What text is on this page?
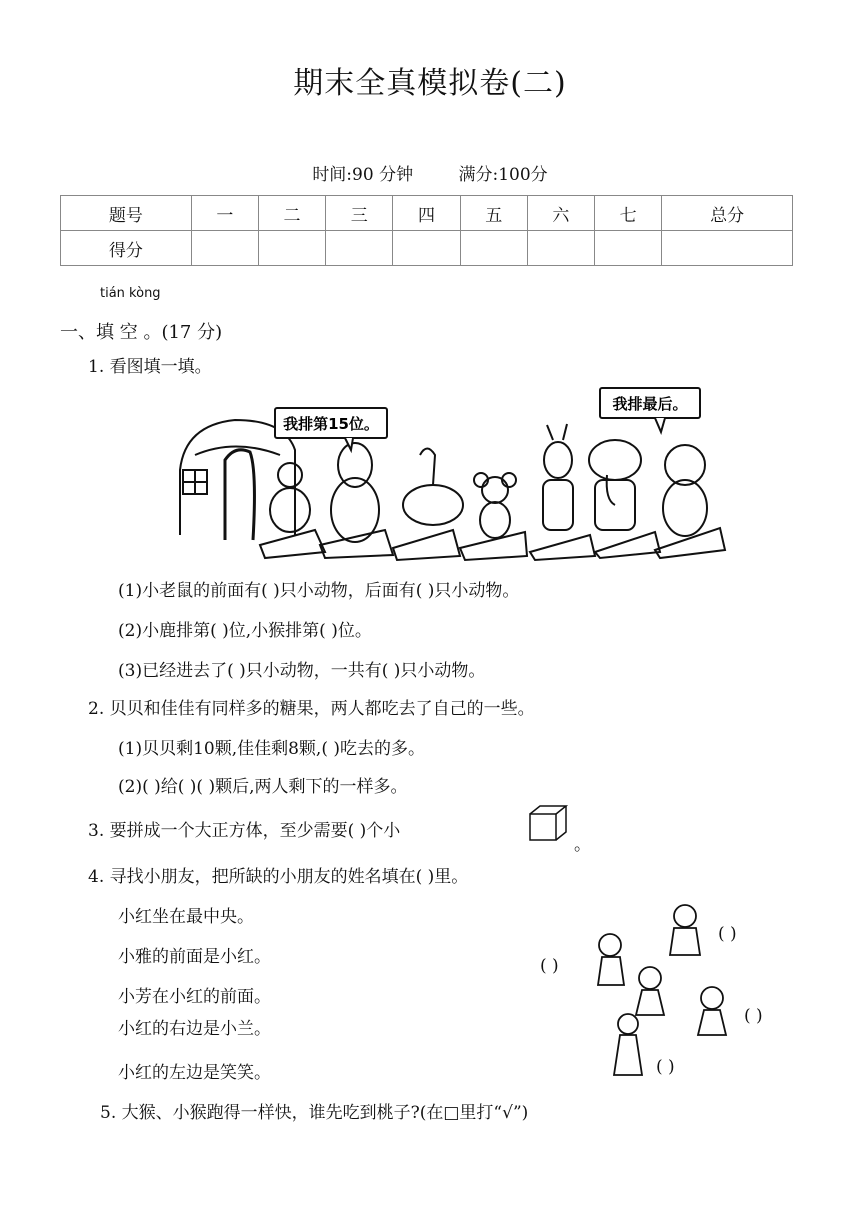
期末全真模拟卷(二)
时间:90 分钟	满分:100分
题号	一	二	三	四	五	六	七	总分
得分								
tián kòng
一、填 空 。(17 分)
1. 看图填一填。
我排第15位。
我排最后。
(1)小老鼠的前面有( )只小动物，后面有( )只小动物。
(2)小鹿排第( )位,小猴排第( )位。
(3)已经进去了( )只小动物，一共有( )只小动物。
2. 贝贝和佳佳有同样多的糖果，两人都吃去了自己的一些。
(1)贝贝剩10颗,佳佳剩8颗,( )吃去的多。
(2)( )给( )( )颗后,两人剩下的一样多。
3. 要拼成一个大正方体，至少需要( )个小
。
4. 寻找小朋友，把所缺的小朋友的姓名填在( )里。
小红坐在最中央。
小雅的前面是小红。
小芳在小红的前面。
小红的右边是小兰。
小红的左边是笑笑。
( )
( )
( )
( )
5. 大猴、小猴跑得一样快，谁先吃到桃子?(在□里打“√”)
